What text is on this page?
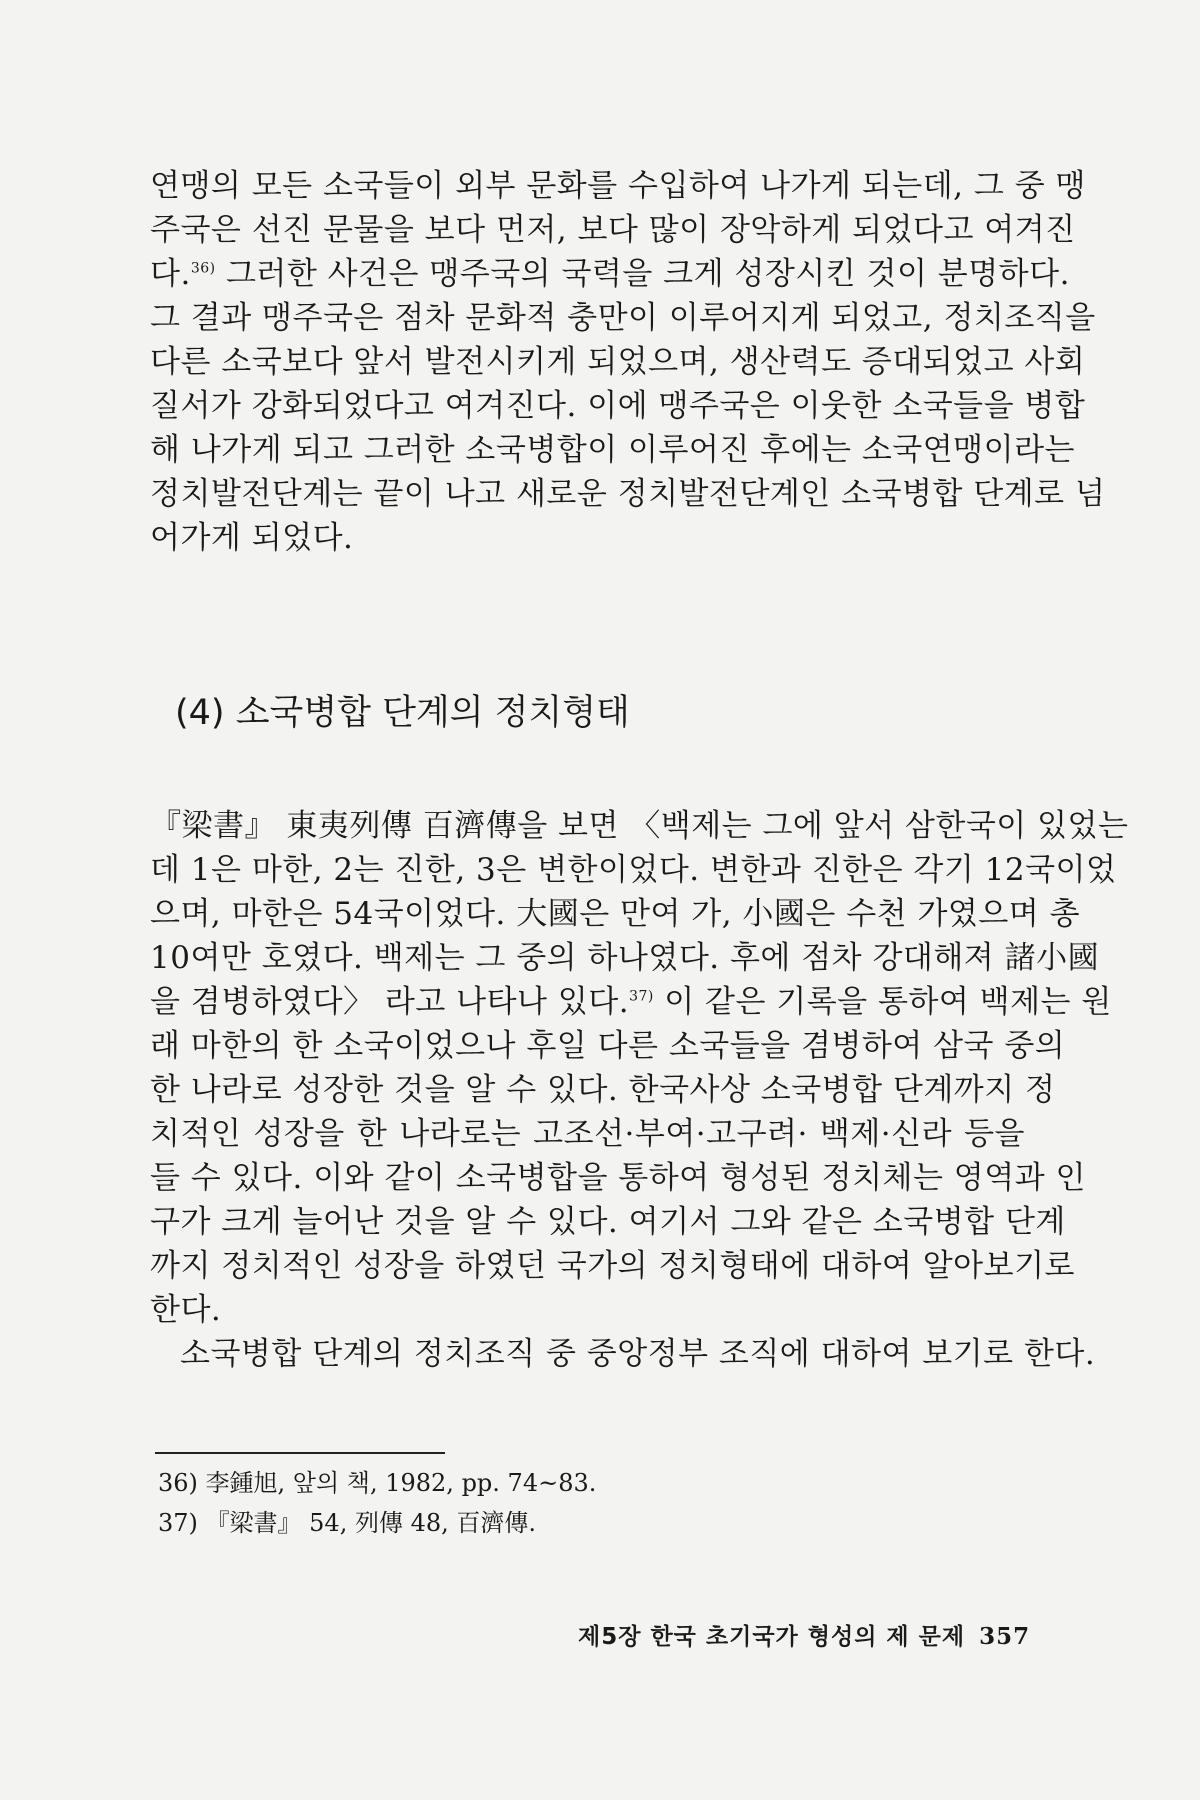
연맹의 모든 소국들이 외부 문화를 수입하여 나가게 되는데, 그 중 맹
주국은 선진 문물을 보다 먼저, 보다 많이 장악하게 되었다고 여겨진
다.$^{36)}$ 그러한 사건은 맹주국의 국력을 크게 성장시킨 것이 분명하다.
그 결과 맹주국은 점차 문화적 충만이 이루어지게 되었고, 정치조직을
다른 소국보다 앞서 발전시키게 되었으며, 생산력도 증대되었고 사회
질서가 강화되었다고 여겨진다. 이에 맹주국은 이웃한 소국들을 병합
해 나가게 되고 그러한 소국병합이 이루어진 후에는 소국연맹이라는
정치발전단계는 끝이 나고 새로운 정치발전단계인 소국병합 단계로 넘
어가게 되었다.
(4) 소국병합 단계의 정치형태
『梁書』 東夷列傳 百濟傳을 보면 〈백제는 그에 앞서 삼한국이 있었는
데 1은 마한, 2는 진한, 3은 변한이었다. 변한과 진한은 각기 12국이었
으며, 마한은 54국이었다. 大國은 만여 가, 小國은 수천 가였으며 총
10여만 호였다. 백제는 그 중의 하나였다. 후에 점차 강대해져 諸小國
을 겸병하였다〉 라고 나타나 있다.$^{37)}$ 이 같은 기록을 통하여 백제는 원
래 마한의 한 소국이었으나 후일 다른 소국들을 겸병하여 삼국 중의
한 나라로 성장한 것을 알 수 있다. 한국사상 소국병합 단계까지 정
치적인 성장을 한 나라로는 고조선·부여·고구려· 백제·신라 등을
들 수 있다. 이와 같이 소국병합을 통하여 형성된 정치체는 영역과 인
구가 크게 늘어난 것을 알 수 있다. 여기서 그와 같은 소국병합 단계
까지 정치적인 성장을 하였던 국가의 정치형태에 대하여 알아보기로
한다.
소국병합 단계의 정치조직 중 중앙정부 조직에 대하여 보기로 한다.
36) 李鍾旭, 앞의 책, 1982, pp. 74~83.
37) 『梁書』 54, 列傳 48, 百濟傳.
제5장 한국 초기국가 형성의 제 문제 357
